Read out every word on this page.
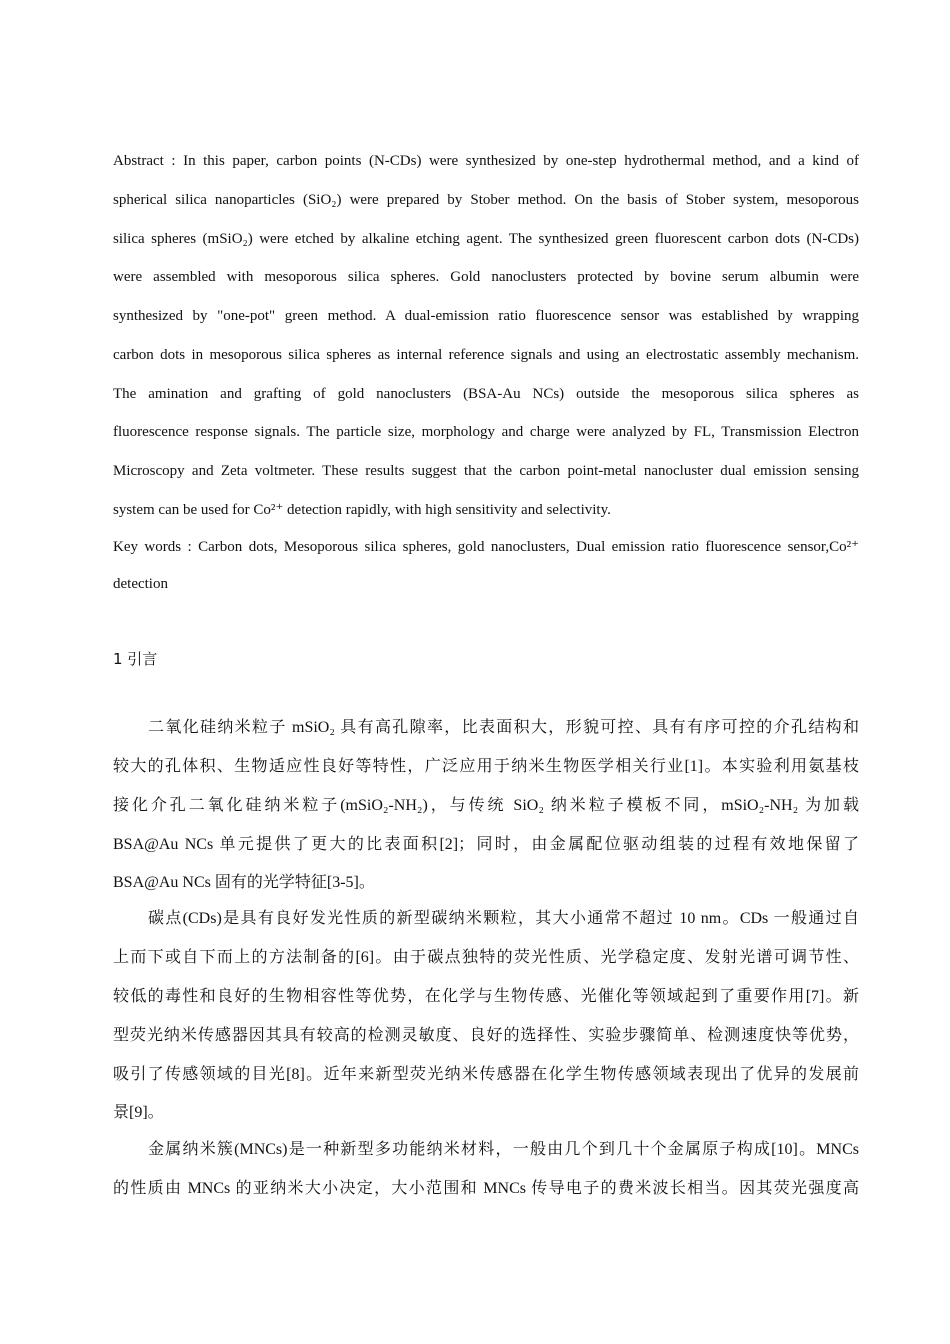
Abstract : In this paper, carbon points (N-CDs) were synthesized by one-step hydrothermal method, and a kind of
spherical silica nanoparticles (SiO₂) were prepared by Stober method. On the basis of Stober system, mesoporous
silica spheres (mSiO₂) were etched by alkaline etching agent. The synthesized green fluorescent carbon dots (N-CDs)
were assembled with mesoporous silica spheres. Gold nanoclusters protected by bovine serum albumin were
synthesized by "one-pot" green method. A dual-emission ratio fluorescence sensor was established by wrapping
carbon dots in mesoporous silica spheres as internal reference signals and using an electrostatic assembly mechanism.
The amination and grafting of gold nanoclusters (BSA-Au NCs) outside the mesoporous silica spheres as
fluorescence response signals. The particle size, morphology and charge were analyzed by FL, Transmission Electron
Microscopy and Zeta voltmeter. These results suggest that the carbon point-metal nanocluster dual emission sensing
system can be used for Co²⁺ detection rapidly, with high sensitivity and selectivity.
Key words : Carbon dots, Mesoporous silica spheres, gold nanoclusters, Dual emission ratio fluorescence sensor,Co²⁺
detection
1 引言
二氧化硅纳米粒子 mSiO₂ 具有高孔隙率，比表面积大，形貌可控、具有有序可控的介孔结构和
较大的孔体积、生物适应性良好等特性，广泛应用于纳米生物医学相关行业[1]。本实验利用氨基枝
接化介孔二氧化硅纳米粒子(mSiO₂-NH₂)，与传统 SiO₂ 纳米粒子模板不同，mSiO₂-NH₂ 为加载
BSA@Au NCs 单元提供了更大的比表面积[2]；同时，由金属配位驱动组装的过程有效地保留了
BSA@Au NCs 固有的光学特征[3-5]。
碳点(CDs)是具有良好发光性质的新型碳纳米颗粒，其大小通常不超过 10 nm。CDs 一般通过自
上而下或自下而上的方法制备的[6]。由于碳点独特的荧光性质、光学稳定度、发射光谱可调节性、
较低的毒性和良好的生物相容性等优势，在化学与生物传感、光催化等领域起到了重要作用[7]。新
型荧光纳米传感器因其具有较高的检测灵敏度、良好的选择性、实验步骤简单、检测速度快等优势，
吸引了传感领域的目光[8]。近年来新型荧光纳米传感器在化学生物传感领域表现出了优异的发展前
景[9]。
金属纳米簇(MNCs)是一种新型多功能纳米材料，一般由几个到几十个金属原子构成[10]。MNCs
的性质由 MNCs 的亚纳米大小决定，大小范围和 MNCs 传导电子的费米波长相当。因其荧光强度高
